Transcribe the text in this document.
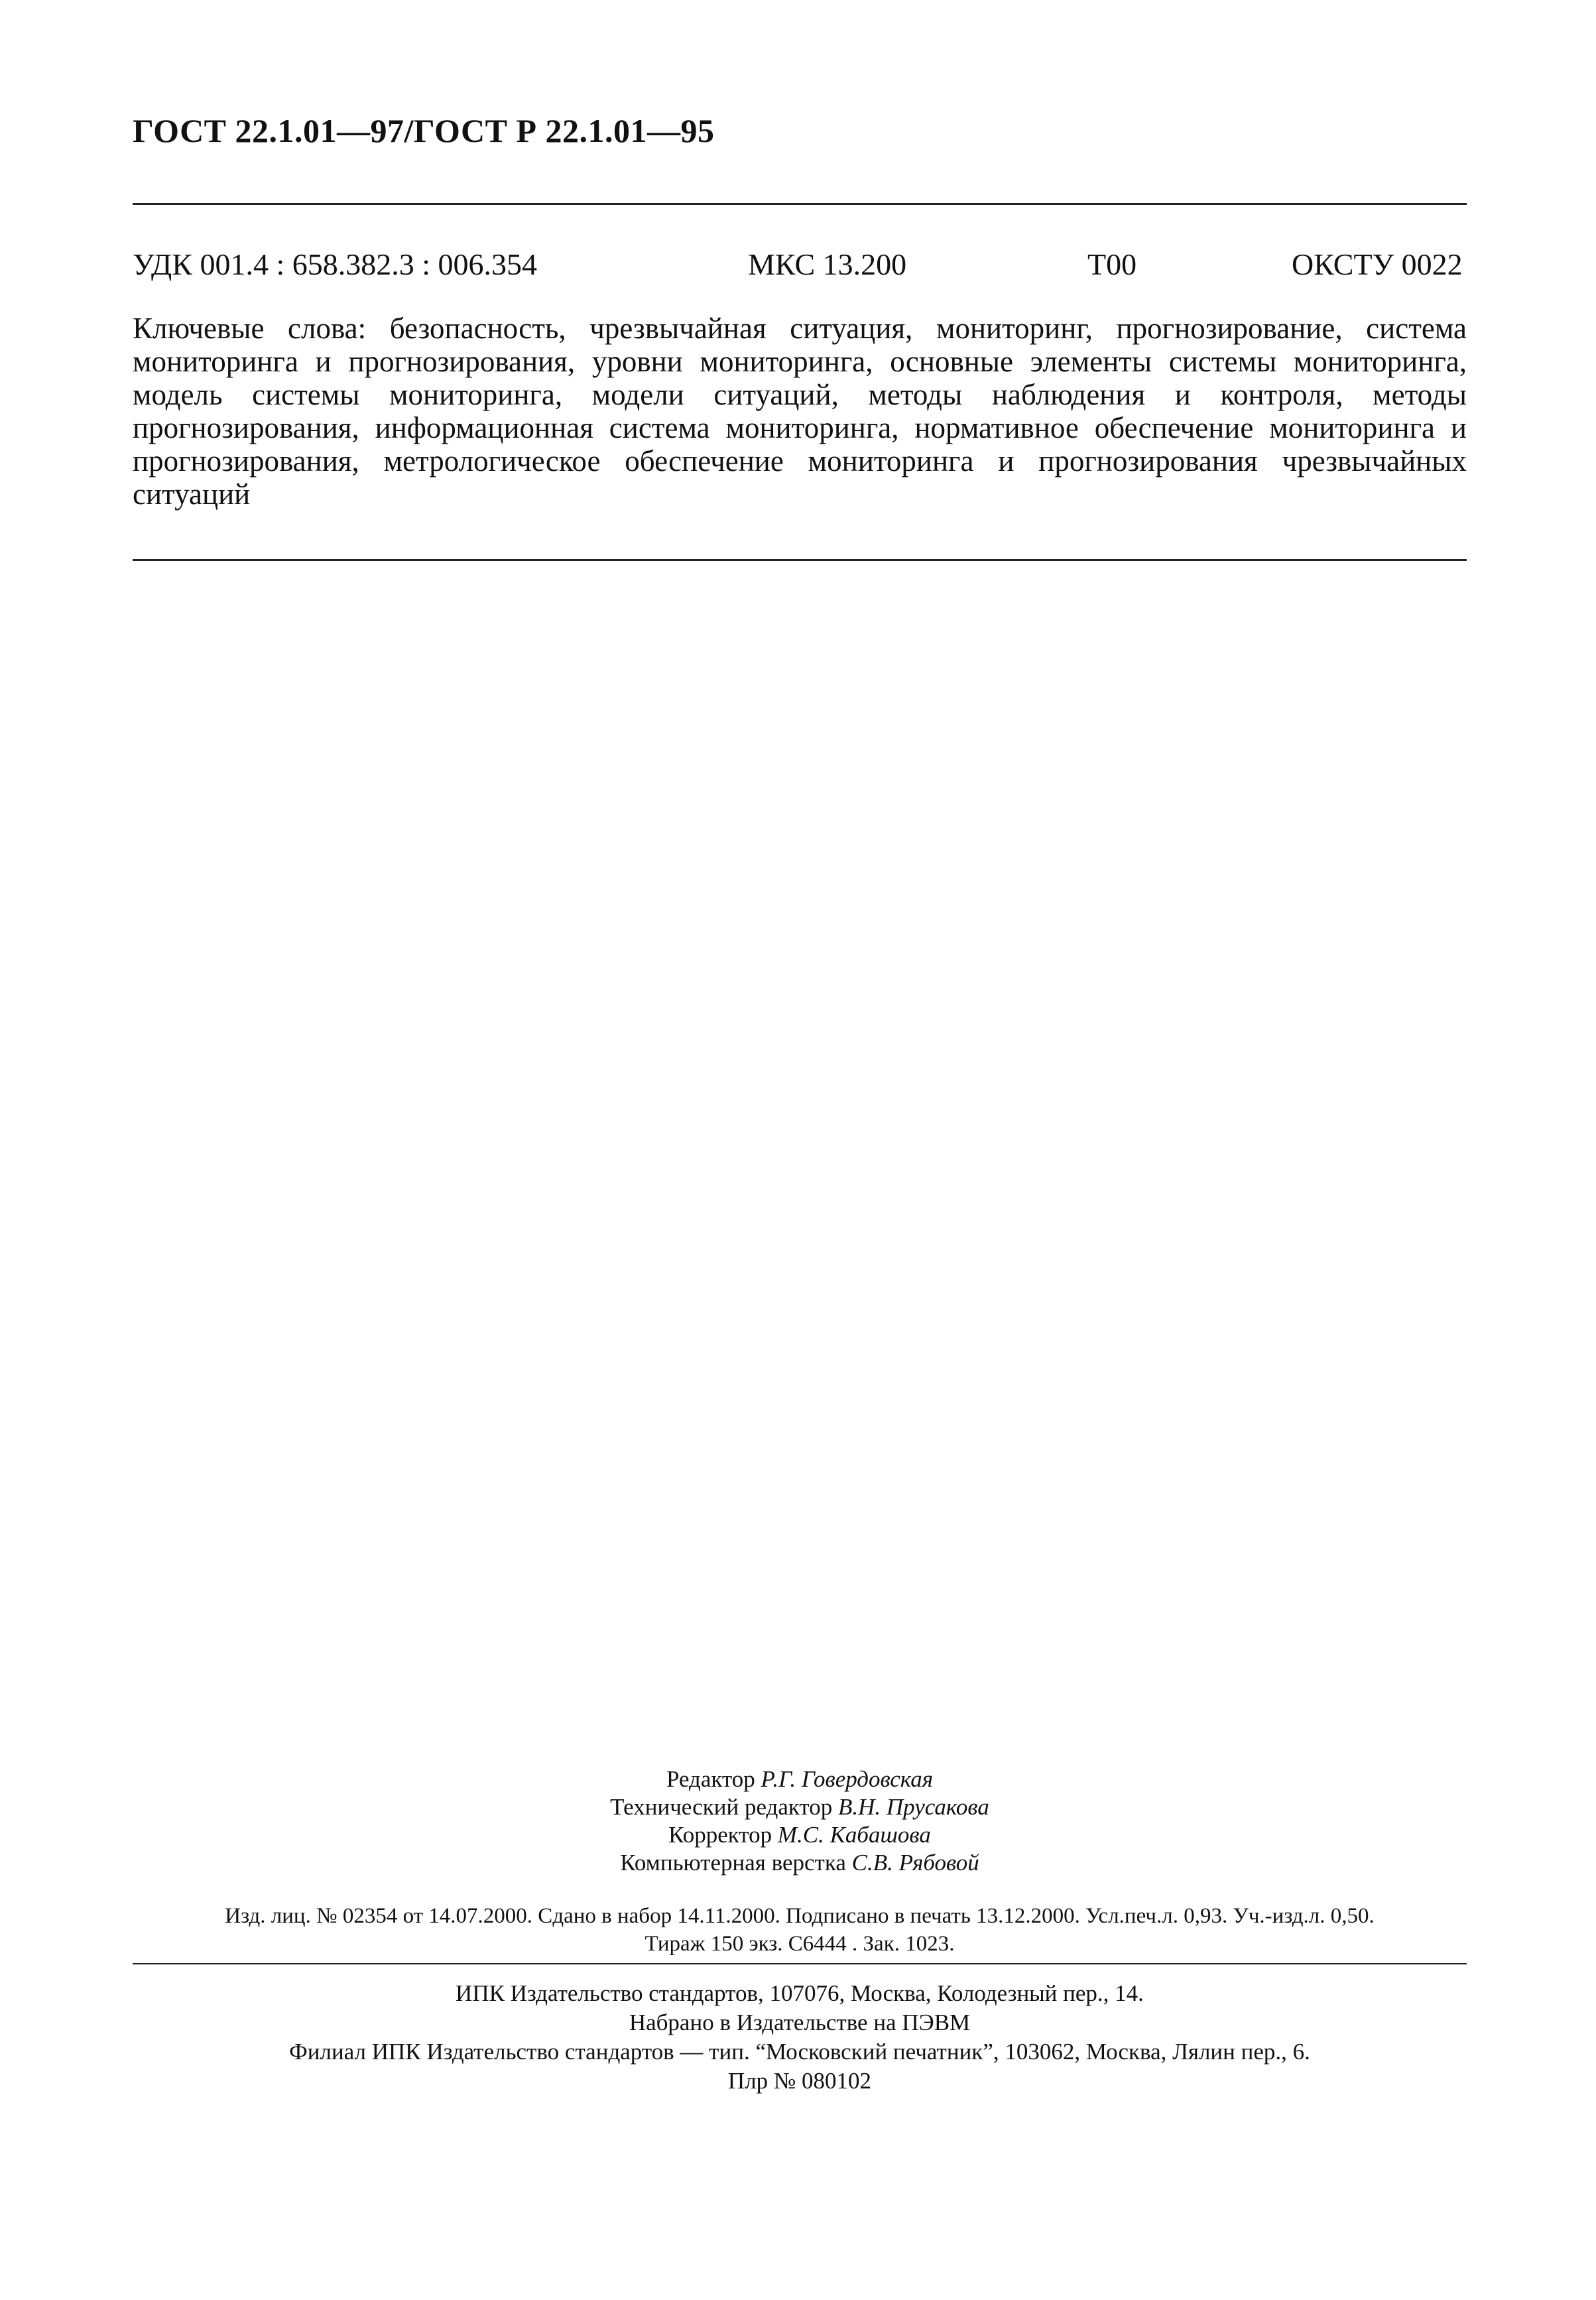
ГОСТ 22.1.01—97/ГОСТ Р 22.1.01—95
УДК 001.4 : 658.382.3 : 006.354	МКС 13.200	Т00	ОКСТУ 0022

Ключевые слова: безопасность, чрезвычайная ситуация, мониторинг, прогнозирование, система мониторинга и прогнозирования, уровни мониторинга, основные элементы системы мониторинга, модель системы мониторинга, модели ситуаций, методы наблюдения и контроля, методы прогнозирования, информационная система мониторинга, нормативное обеспечение мониторинга и прогнозирования, метрологическое обеспечение мониторинга и прогнозирования чрезвычайных ситуаций

Редактор Р.Г. Говердовская
Технический редактор В.Н. Прусакова
Корректор М.С. Кабашова
Компьютерная верстка С.В. Рябовой
Изд. лиц. № 02354 от 14.07.2000. Сдано в набор 14.11.2000. Подписано в печать 13.12.2000. Усл.печ.л. 0,93. Уч.-изд.л. 0,50.
Тираж 150 экз. С6444 . Зак. 1023.
ИПК Издательство стандартов, 107076, Москва, Колодезный пер., 14.
Набрано в Издательстве на ПЭВМ
Филиал ИПК Издательство стандартов — тип. “Московский печатник”, 103062, Москва, Лялин пер., 6.
Плр № 080102
